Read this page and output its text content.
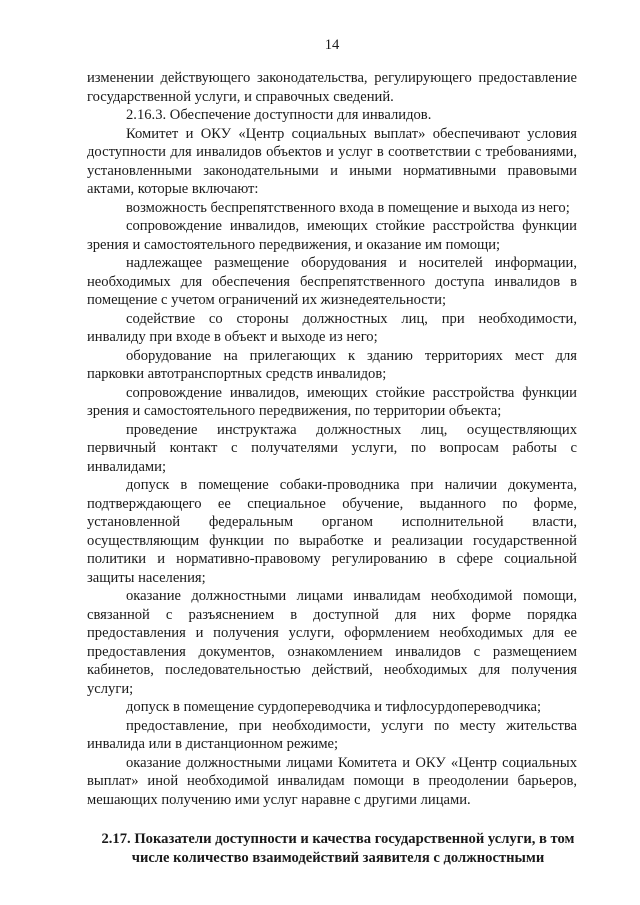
14

изменении действующего законодательства, регулирующего предоставление государственной услуги, и справочных сведений.

2.16.3. Обеспечение доступности для инвалидов.

Комитет и ОКУ «Центр социальных выплат» обеспечивают условия доступности для инвалидов объектов и услуг в соответствии с требованиями, установленными законодательными и иными нормативными правовыми актами, которые включают:

возможность беспрепятственного входа в помещение и выхода из него;

сопровождение инвалидов, имеющих стойкие расстройства функции зрения и самостоятельного передвижения, и оказание им помощи;

надлежащее размещение оборудования и носителей информации, необходимых для обеспечения беспрепятственного доступа инвалидов в помещение с учетом ограничений их жизнедеятельности;

содействие со стороны должностных лиц, при необходимости, инвалиду при входе в объект и выходе из него;

оборудование на прилегающих к зданию территориях мест для парковки автотранспортных средств инвалидов;

сопровождение инвалидов, имеющих стойкие расстройства функции зрения и самостоятельного передвижения, по территории объекта;

проведение инструктажа должностных лиц, осуществляющих первичный контакт с получателями услуги, по вопросам работы с инвалидами;

допуск в помещение собаки-проводника при наличии документа, подтверждающего ее специальное обучение, выданного по форме, установленной федеральным органом исполнительной власти, осуществляющим функции по выработке и реализации государственной политики и нормативно-правовому регулированию в сфере социальной защиты населения;

оказание должностными лицами инвалидам необходимой помощи, связанной с разъяснением в доступной для них форме порядка предоставления и получения услуги, оформлением необходимых для ее предоставления документов, ознакомлением инвалидов с размещением кабинетов, последовательностью действий, необходимых для получения услуги;

допуск в помещение сурдопереводчика и тифлосурдопереводчика;

предоставление, при необходимости, услуги по месту жительства инвалида или в дистанционном режиме;

оказание должностными лицами Комитета и ОКУ «Центр социальных выплат» иной необходимой инвалидам помощи в преодолении барьеров, мешающих получению ими услуг наравне с другими лицами.

2.17. Показатели доступности и качества государственной услуги, в том числе количество взаимодействий заявителя с должностными
